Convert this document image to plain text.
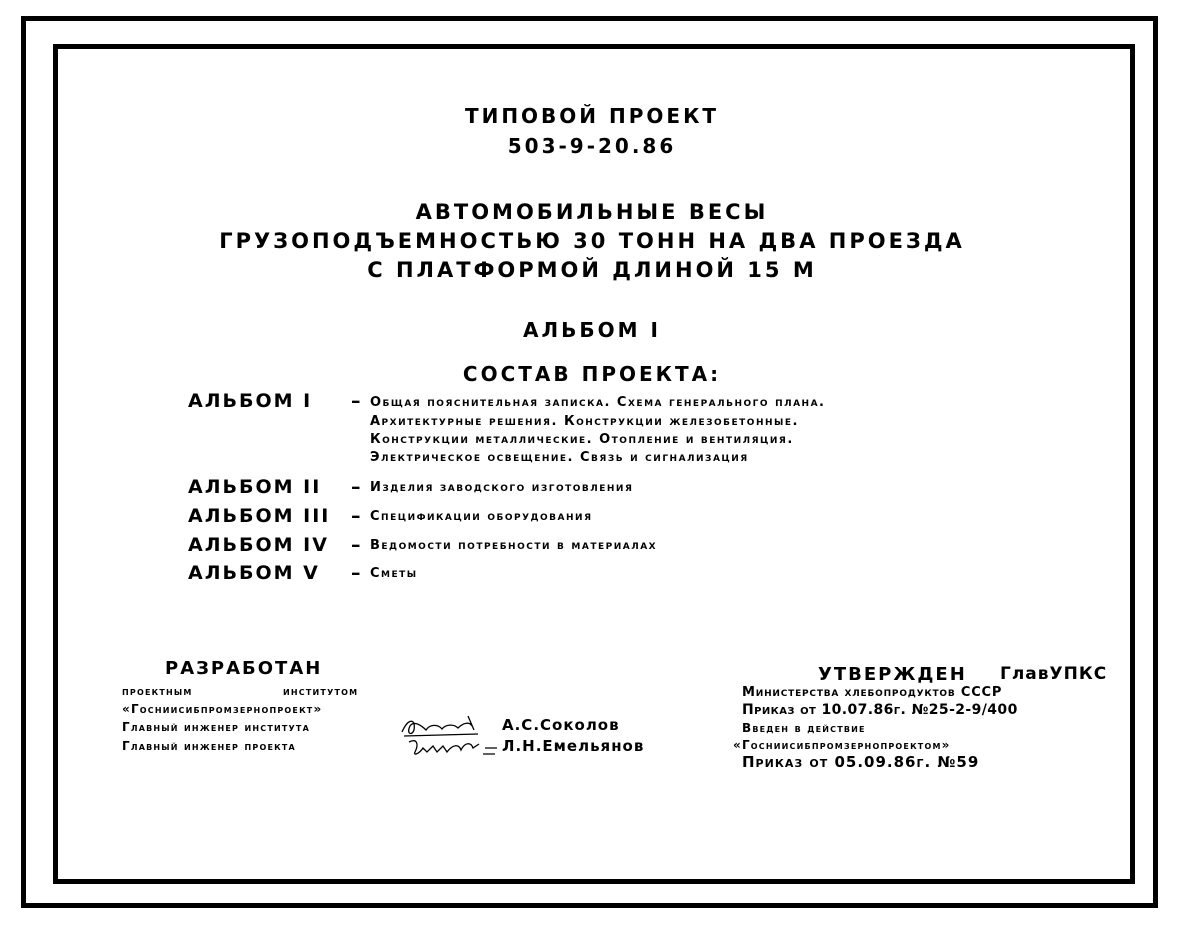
ТИПОВОЙ ПРОЕКТ
503-9-20.86
АВТОМОБИЛЬНЫЕ ВЕСЫ
ГРУЗОПОДЪЕМНОСТЬЮ 30 ТОНН НА ДВА ПРОЕЗДА
С ПЛАТФОРМОЙ ДЛИНОЙ 15 М
АЛЬБОМ I
СОСТАВ ПРОЕКТА:
АЛЬБОМ I – Общая пояснительная записка. Схема генерального плана.
Архитектурные решения. Конструкции железобетонные.
Конструкции металлические. Отопление и вентиляция.
Электрическое освещение. Связь и сигнализация
АЛЬБОМ II – Изделия заводского изготовления
АЛЬБОМ III – Спецификации оборудования
АЛЬБОМ IV – Ведомости потребности в материалах
АЛЬБОМ V – Сметы
РАЗРАБОТАН
проектным	институтом
«Госниисибпромзернопроект»
Главный инженер института
Главный инженер проекта
А.С.Соколов
Л.Н.Емельянов
УТВЕРЖДЕН ГлавУПКС
Министерства хлебопродуктов СССР
Приказ от 10.07.86г. №25-2-9/400
Введен в действие
«Госниисибпромзернопроектом»
Приказ от 05.09.86г. №59
